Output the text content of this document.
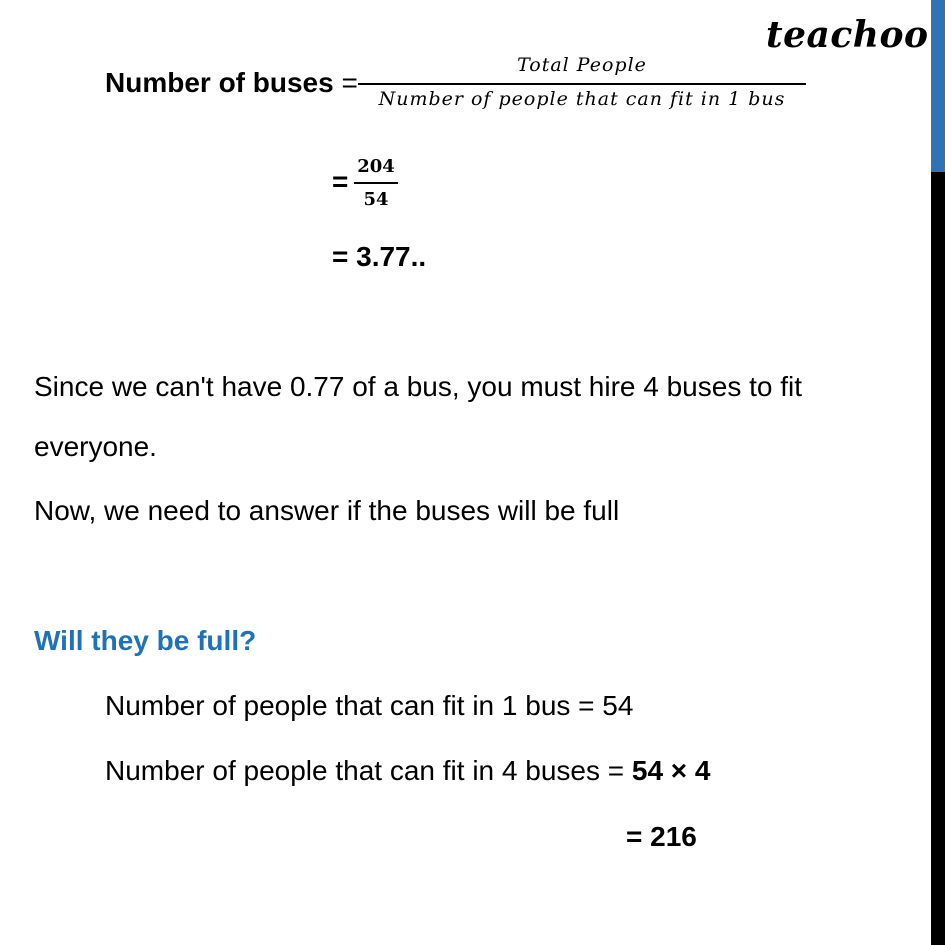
teachoo
Number of buses =
Total People
Number of people that can fit in 1 bus
= 204
54
= 3.77..
Since we can't have 0.77 of a bus, you must hire 4 buses to fit
everyone.
Now, we need to answer if the buses will be full
Will they be full?
Number of people that can fit in 1 bus = 54
Number of people that can fit in 4 buses = 54 × 4
= 216
